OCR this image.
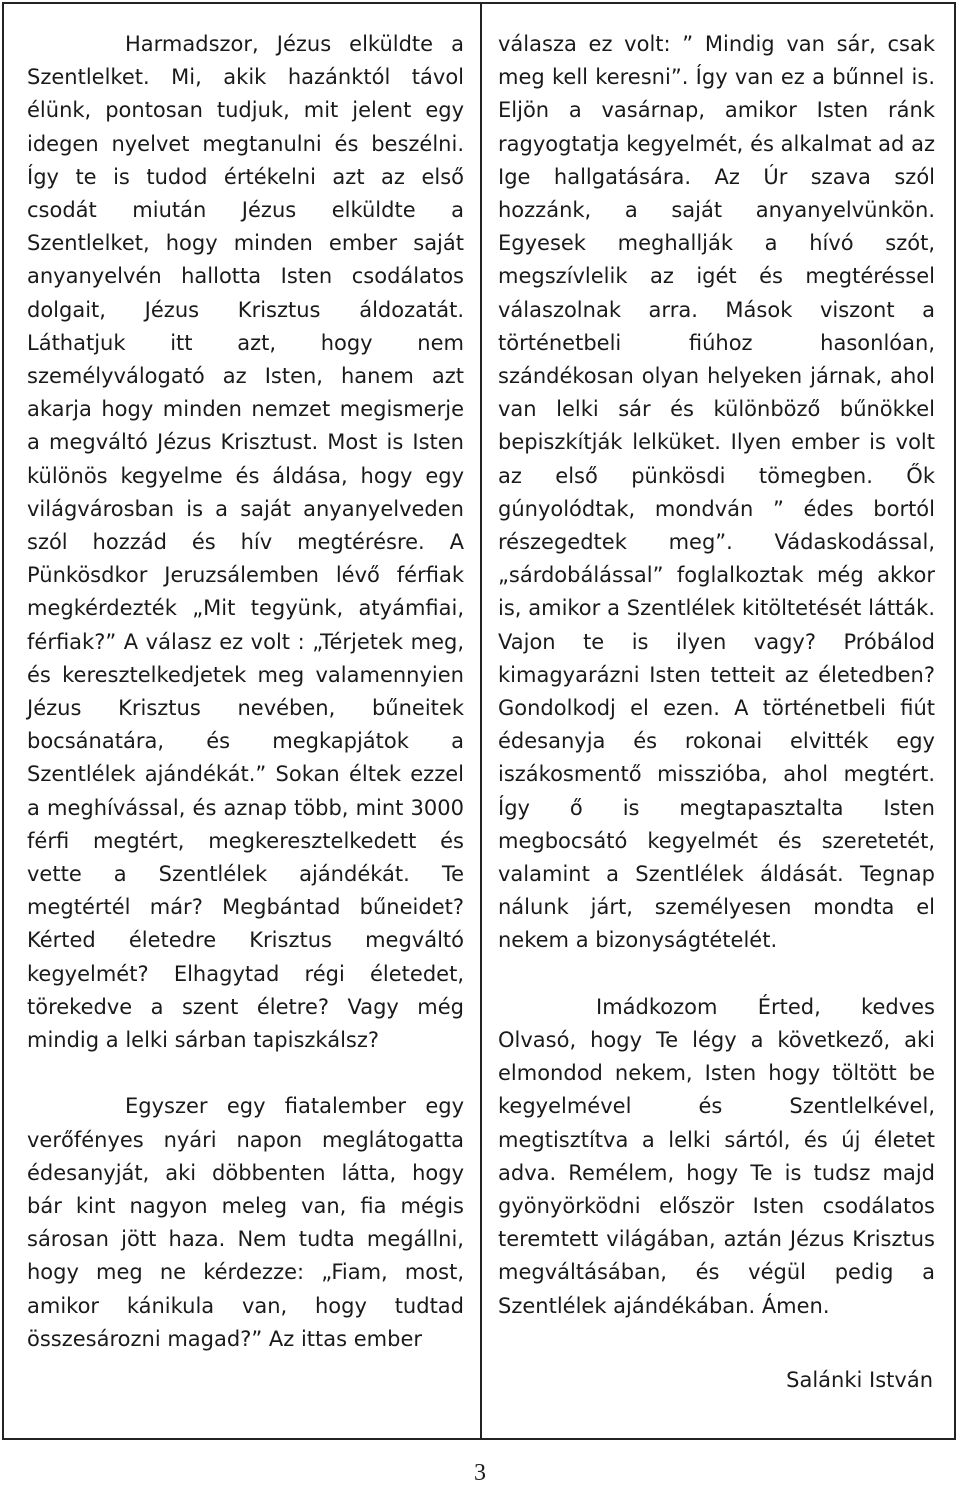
Harmadszor, Jézus elküldte a Szentlelket. Mi, akik hazánktól távol élünk, pontosan tudjuk, mit jelent egy idegen nyelvet megtanulni és beszélni. Így te is tudod értékelni azt az első csodát miután Jézus elküldte a Szentlelket, hogy minden ember saját anyanyelvén hallotta Isten csodálatos dolgait, Jézus Krisztus áldozatát. Láthatjuk itt azt, hogy nem személyválogató az Isten, hanem azt akarja hogy minden nemzet megismerje a megváltó Jézus Krisztust. Most is Isten különös kegyelme és áldása, hogy egy világvárosban is a saját anyanyelveden szól hozzád és hív megtérésre. A Pünkösdkor Jeruzsálemben lévő férfiak megkérdezték „Mit tegyünk, atyámfiai, férfiak?” A válasz ez volt : „Térjetek meg, és keresztelkedjetek meg valamennyien Jézus Krisztus nevében, bűneitek bocsánatára, és megkapjátok a Szentlélek ajándékát.” Sokan éltek ezzel a meghívással, és aznap több, mint 3000 férfi megtért, megkeresztelkedett és vette a Szentlélek ajándékát. Te megtértél már? Megbántad bűneidet? Kérted életedre Krisztus megváltó kegyelmét? Elhagytad régi életedet, törekedve a szent életre? Vagy még mindig a lelki sárban tapiszkálsz?

Egyszer egy fiatalember egy verőfényes nyári napon meglátogatta édesanyját, aki döbbenten látta, hogy bár kint nagyon meleg van, fia mégis sárosan jött haza. Nem tudta megállni, hogy meg ne kérdezze: „Fiam, most, amikor kánikula van, hogy tudtad összesározni magad?” Az ittas ember

válasza ez volt: ” Mindig van sár, csak meg kell keresni”. Így van ez a bűnnel is. Eljön a vasárnap, amikor Isten ránk ragyogtatja kegyelmét, és alkalmat ad az Ige hallgatására. Az Úr szava szól hozzánk, a saját anyanyelvünkön. Egyesek meghallják a hívó szót, megszívlelik az igét és megtéréssel válaszolnak arra. Mások viszont a történetbeli fiúhoz hasonlóan, szándékosan olyan helyeken járnak, ahol van lelki sár és különböző bűnökkel bepiszkítják lelküket. Ilyen ember is volt az első pünkösdi tömegben. Ők gúnyolódtak, mondván ” édes bortól részegedtek meg”. Vádaskodással, „sárdobálással” foglalkoztak még akkor is, amikor a Szentlélek kitöltetését látták. Vajon te is ilyen vagy? Próbálod kimagyarázni Isten tetteit az életedben? Gondolkodj el ezen. A történetbeli fiút édesanyja és rokonai elvitték egy iszákosmentő misszióba, ahol megtért. Így ő is megtapasztalta Isten megbocsátó kegyelmét és szeretetét, valamint a Szentlélek áldását. Tegnap nálunk járt, személyesen mondta el nekem a bizonyságtételét.

Imádkozom Érted, kedves Olvasó, hogy Te légy a következő, aki elmondod nekem, Isten hogy töltött be kegyelmével és Szentlelkével, megtisztítva a lelki sártól, és új életet adva. Remélem, hogy Te is tudsz majd gyönyörködni először Isten csodálatos teremtett világában, aztán Jézus Krisztus megváltásában, és végül pedig a Szentlélek ajándékában. Ámen.

Salánki István
3
